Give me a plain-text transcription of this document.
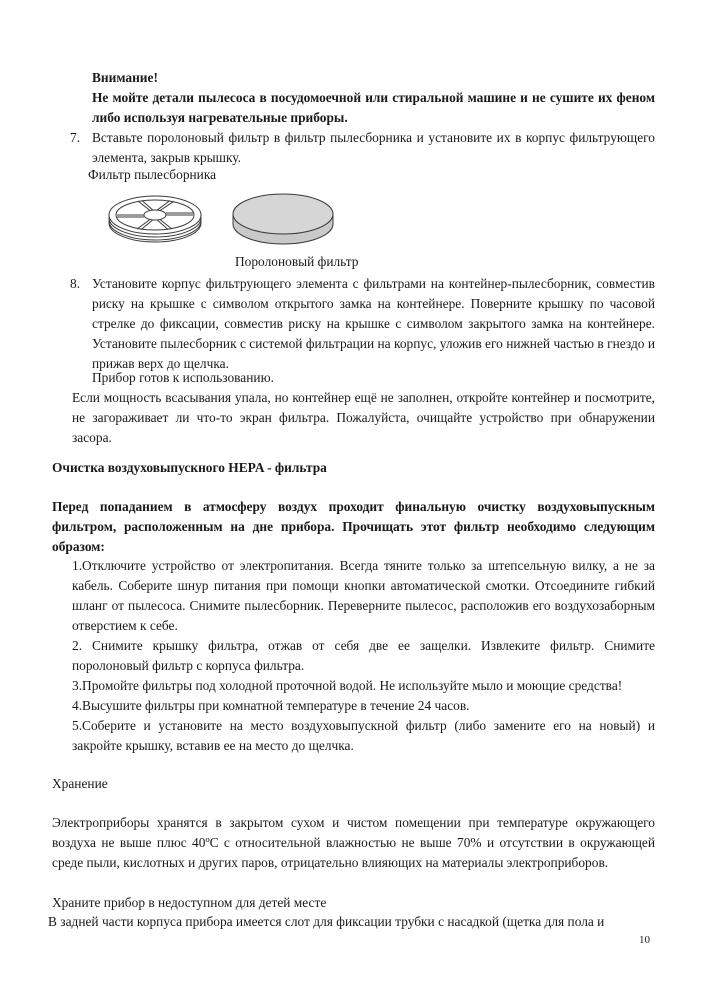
Внимание!
Не мойте детали пылесоса в посудомоечной или стиральной машине и не сушите их феном либо используя нагревательные приборы.
7. Вставьте поролоновый фильтр в фильтр пылесборника и установите их в корпус фильтрующего элемента, закрыв крышку.
Фильтр пылесборника
Поролоновый фильтр
8. Установите корпус фильтрующего элемента с фильтрами на контейнер-пылесборник, совместив риску на крышке с символом открытого замка на контейнере. Поверните крышку по часовой стрелке до фиксации, совместив риску на крышке с символом закрытого замка на контейнере. Установите пылесборник с системой фильтрации на корпус, уложив его нижней частью в гнездо и прижав верх до щелчка.
Прибор готов к использованию.
Если мощность всасывания упала, но контейнер ещё не заполнен, откройте контейнер и посмотрите, не загораживает ли что-то экран фильтра. Пожалуйста, очищайте устройство при обнаружении засора.
Очистка воздуховыпускного HEPA - фильтра
Перед попаданием в атмосферу воздух проходит финальную очистку воздуховыпускным фильтром, расположенным на дне прибора. Прочищать этот фильтр необходимо следующим образом:

1.Отключите устройство от электропитания. Всегда тяните только за штепсельную вилку, а не за кабель. Соберите шнур питания при помощи кнопки автоматической смотки. Отсоедините гибкий шланг от пылесоса. Снимите пылесборник. Переверните пылесос, расположив его воздухозаборным отверстием к себе.

2. Снимите крышку фильтра, отжав от себя две ее защелки. Извлеките фильтр. Снимите поролоновый фильтр с корпуса фильтра.

3.Промойте фильтры под холодной проточной водой. Не используйте мыло и моющие средства!

4.Высушите фильтры при комнатной температуре в течение 24 часов.

5.Соберите и установите на место воздуховыпускной фильтр (либо замените его на новый) и закройте крышку, вставив ее на место до щелчка.

Хранение
Электроприборы хранятся в закрытом сухом и чистом помещении при температуре окружающего воздуха не выше плюс 40ºС с относительной влажностью не выше 70% и отсутствии в окружающей среде пыли, кислотных и других паров, отрицательно влияющих на материалы электроприборов.
Храните прибор в недоступном для детей месте
В задней части корпуса прибора имеется слот для фиксации трубки с насадкой (щетка для пола и
10
